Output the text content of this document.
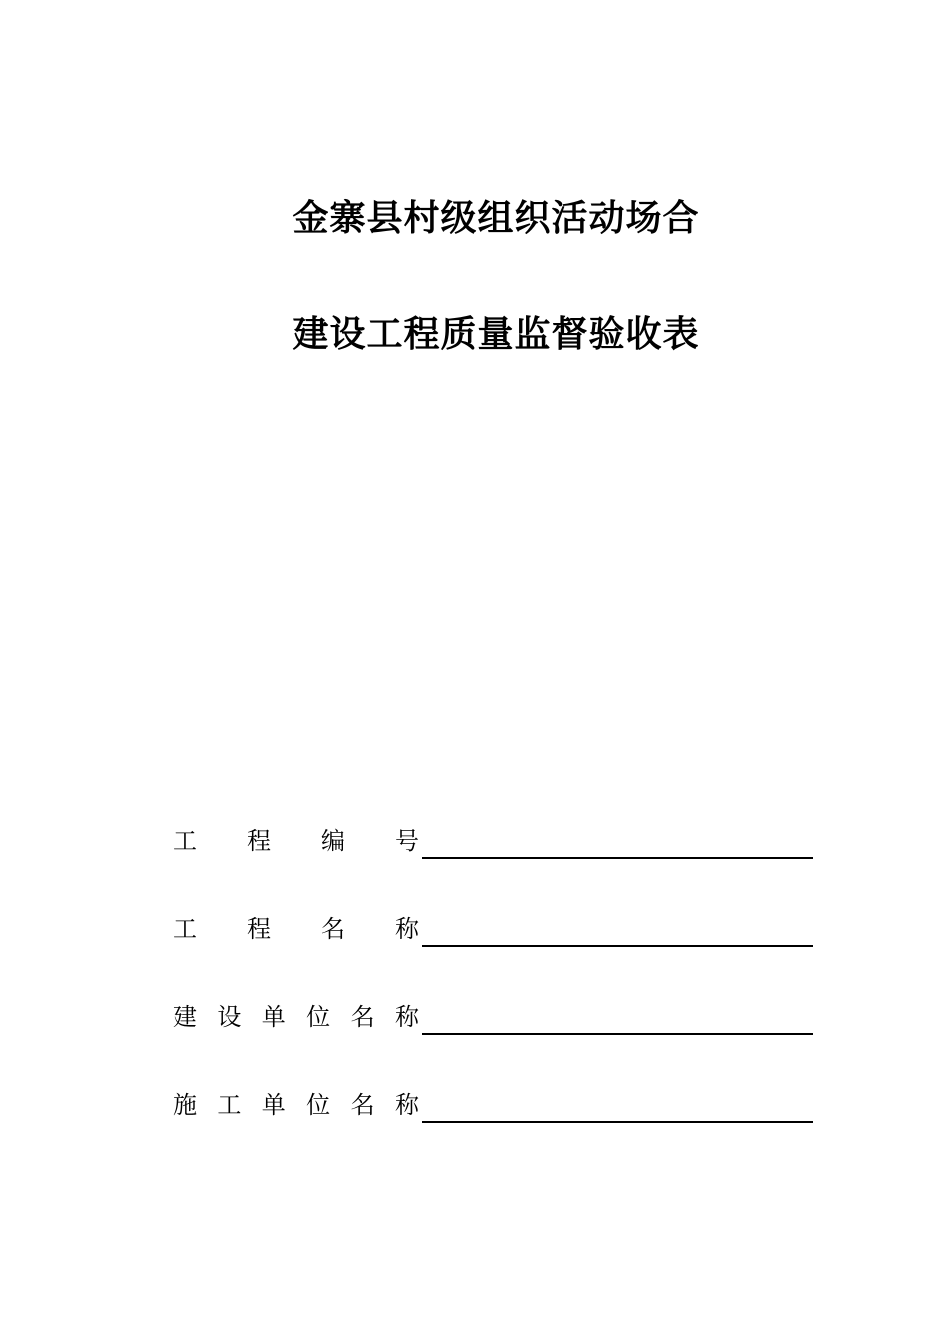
金寨县村级组织活动场合
建设工程质量监督验收表
工 程 编 号
工 程 名 称
建 设 单 位 名 称
施 工 单 位 名 称
